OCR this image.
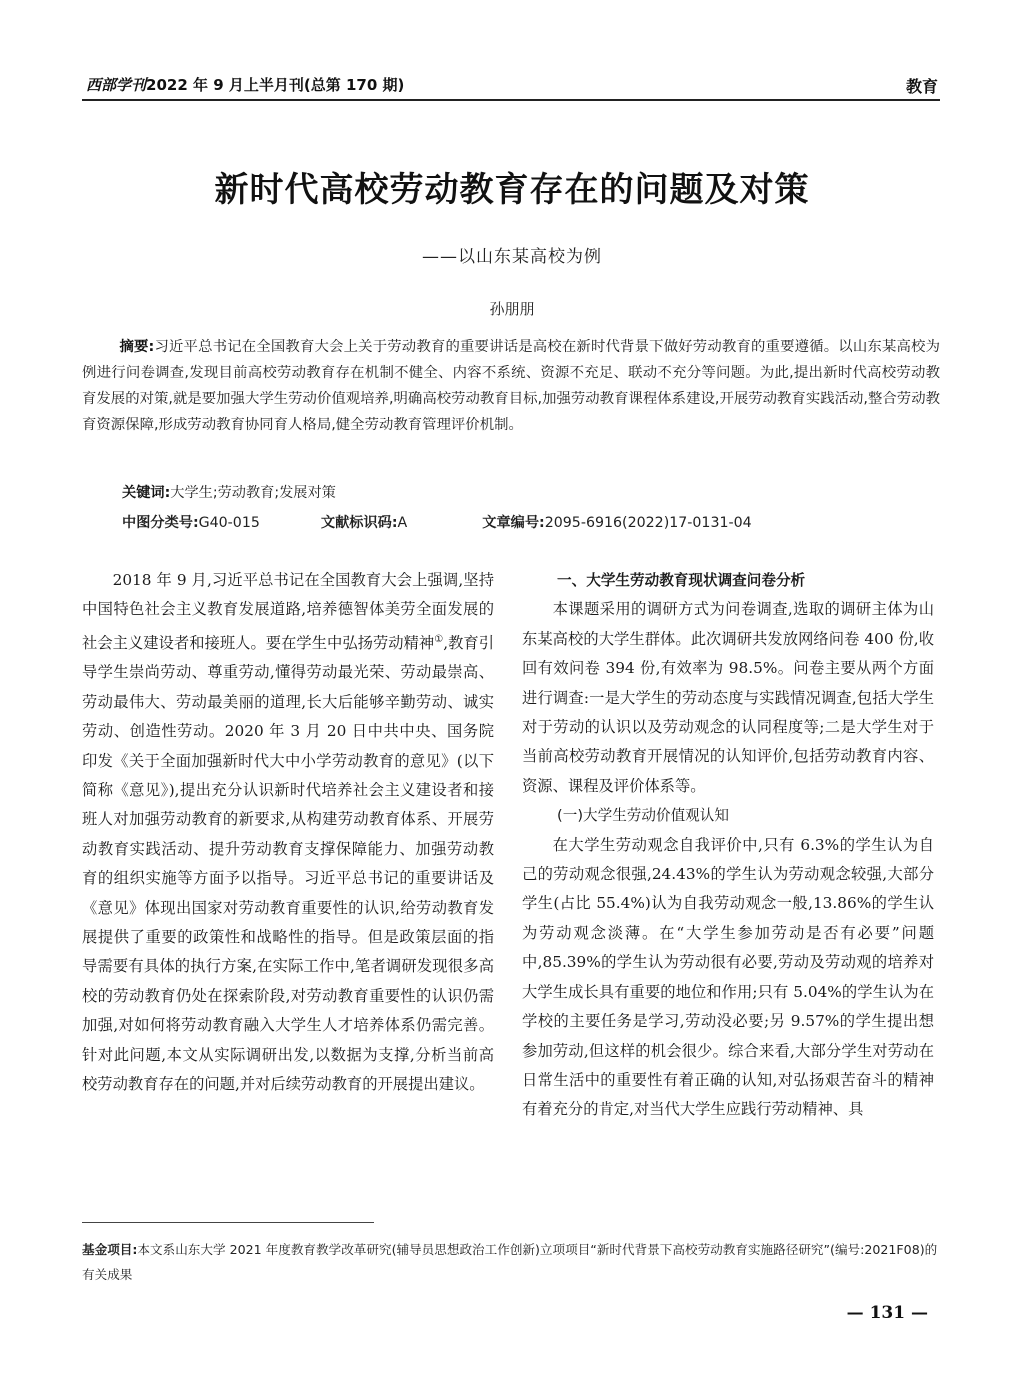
西部学刊2022 年 9 月上半月刊(总第 170 期)	教育
新时代高校劳动教育存在的问题及对策
——以山东某高校为例
孙朋朋
摘要:习近平总书记在全国教育大会上关于劳动教育的重要讲话是高校在新时代背景下做好劳动教育的重要遵循。以山东某高校为例进行问卷调查,发现目前高校劳动教育存在机制不健全、内容不系统、资源不充足、联动不充分等问题。为此,提出新时代高校劳动教育发展的对策,就是要加强大学生劳动价值观培养,明确高校劳动教育目标,加强劳动教育课程体系建设,开展劳动教育实践活动,整合劳动教育资源保障,形成劳动教育协同育人格局,健全劳动教育管理评价机制。
关键词:大学生;劳动教育;发展对策
中图分类号:G40-015	文献标识码:A	文章编号:2095-6916(2022)17-0131-04

2018 年 9 月,习近平总书记在全国教育大会上强调,坚持中国特色社会主义教育发展道路,培养德智体美劳全面发展的社会主义建设者和接班人。要在学生中弘扬劳动精神①,教育引导学生崇尚劳动、尊重劳动,懂得劳动最光荣、劳动最崇高、劳动最伟大、劳动最美丽的道理,长大后能够辛勤劳动、诚实劳动、创造性劳动。2020 年 3 月 20 日中共中央、国务院印发《关于全面加强新时代大中小学劳动教育的意见》(以下简称《意见》),提出充分认识新时代培养社会主义建设者和接班人对加强劳动教育的新要求,从构建劳动教育体系、开展劳动教育实践活动、提升劳动教育支撑保障能力、加强劳动教育的组织实施等方面予以指导。习近平总书记的重要讲话及《意见》体现出国家对劳动教育重要性的认识,给劳动教育发展提供了重要的政策性和战略性的指导。但是政策层面的指导需要有具体的执行方案,在实际工作中,笔者调研发现很多高校的劳动教育仍处在探索阶段,对劳动教育重要性的认识仍需加强,对如何将劳动教育融入大学生人才培养体系仍需完善。针对此问题,本文从实际调研出发,以数据为支撑,分析当前高校劳动教育存在的问题,并对后续劳动教育的开展提出建议。

一、大学生劳动教育现状调查问卷分析

本课题采用的调研方式为问卷调查,选取的调研主体为山东某高校的大学生群体。此次调研共发放网络问卷 400 份,收回有效问卷 394 份,有效率为 98.5%。问卷主要从两个方面进行调查:一是大学生的劳动态度与实践情况调查,包括大学生对于劳动的认识以及劳动观念的认同程度等;二是大学生对于当前高校劳动教育开展情况的认知评价,包括劳动教育内容、资源、课程及评价体系等。

(一)大学生劳动价值观认知

在大学生劳动观念自我评价中,只有 6.3%的学生认为自己的劳动观念很强,24.43%的学生认为劳动观念较强,大部分学生(占比 55.4%)认为自我劳动观念一般,13.86%的学生认为劳动观念淡薄。在“大学生参加劳动是否有必要”问题中,85.39%的学生认为劳动很有必要,劳动及劳动观的培养对大学生成长具有重要的地位和作用;只有 5.04%的学生认为在学校的主要任务是学习,劳动没必要;另 9.57%的学生提出想参加劳动,但这样的机会很少。综合来看,大部分学生对劳动在日常生活中的重要性有着正确的认知,对弘扬艰苦奋斗的精神有着充分的肯定,对当代大学生应践行劳动精神、具

基金项目:本文系山东大学 2021 年度教育教学改革研究(辅导员思想政治工作创新)立项项目“新时代背景下高校劳动教育实施路径研究”(编号:2021F08)的有关成果
— 131 —
